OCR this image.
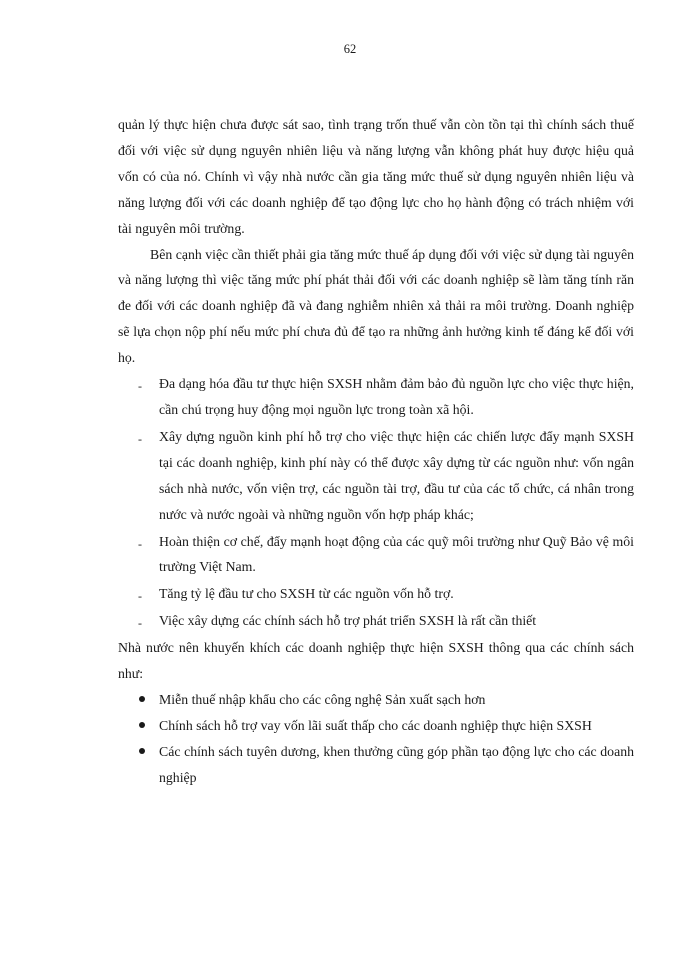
62

quản lý thực hiện chưa được sát sao, tình trạng trốn thuế vẫn còn tồn tại thì chính sách thuế đối với việc sử dụng nguyên nhiên liệu và năng lượng vẫn không phát huy được hiệu quả vốn có của nó. Chính vì vậy nhà nước cần gia tăng mức thuế sử dụng nguyên nhiên liệu và năng lượng đối với các doanh nghiệp để tạo động lực cho họ hành động có trách nhiệm với tài nguyên môi trường.

Bên cạnh việc cần thiết phải gia tăng mức thuế áp dụng đối với việc sử dụng tài nguyên và năng lượng thì việc tăng mức phí phát thải đối với các doanh nghiệp sẽ làm tăng tính răn đe đối với các doanh nghiệp đã và đang nghiễm nhiên xả thải ra môi trường. Doanh nghiệp sẽ lựa chọn nộp phí nếu mức phí chưa đủ để tạo ra những ảnh hưởng kinh tế đáng kể đối với họ.

- Đa dạng hóa đầu tư thực hiện SXSH nhằm đảm bảo đủ nguồn lực cho việc thực hiện, cần chú trọng huy động mọi nguồn lực trong toàn xã hội.
- Xây dựng nguồn kinh phí hỗ trợ cho việc thực hiện các chiến lược đẩy mạnh SXSH tại các doanh nghiệp, kinh phí này có thể được xây dựng từ các nguồn như: vốn ngân sách nhà nước, vốn viện trợ, các nguồn tài trợ, đầu tư của các tổ chức, cá nhân trong nước và nước ngoài và những nguồn vốn hợp pháp khác;
- Hoàn thiện cơ chế, đẩy mạnh hoạt động của các quỹ môi trường như Quỹ Bảo vệ môi trường Việt Nam.
- Tăng tỷ lệ đầu tư cho SXSH từ các nguồn vốn hỗ trợ.
- Việc xây dựng các chính sách hỗ trợ phát triển SXSH là rất cần thiết

Nhà nước nên khuyến khích các doanh nghiệp thực hiện SXSH thông qua các chính sách như:

Miễn thuế nhập khẩu cho các công nghệ Sản xuất sạch hơn
Chính sách hỗ trợ vay vốn lãi suất thấp cho các doanh nghiệp thực hiện SXSH
Các chính sách tuyên dương, khen thưởng cũng góp phần tạo động lực cho các doanh nghiệp
